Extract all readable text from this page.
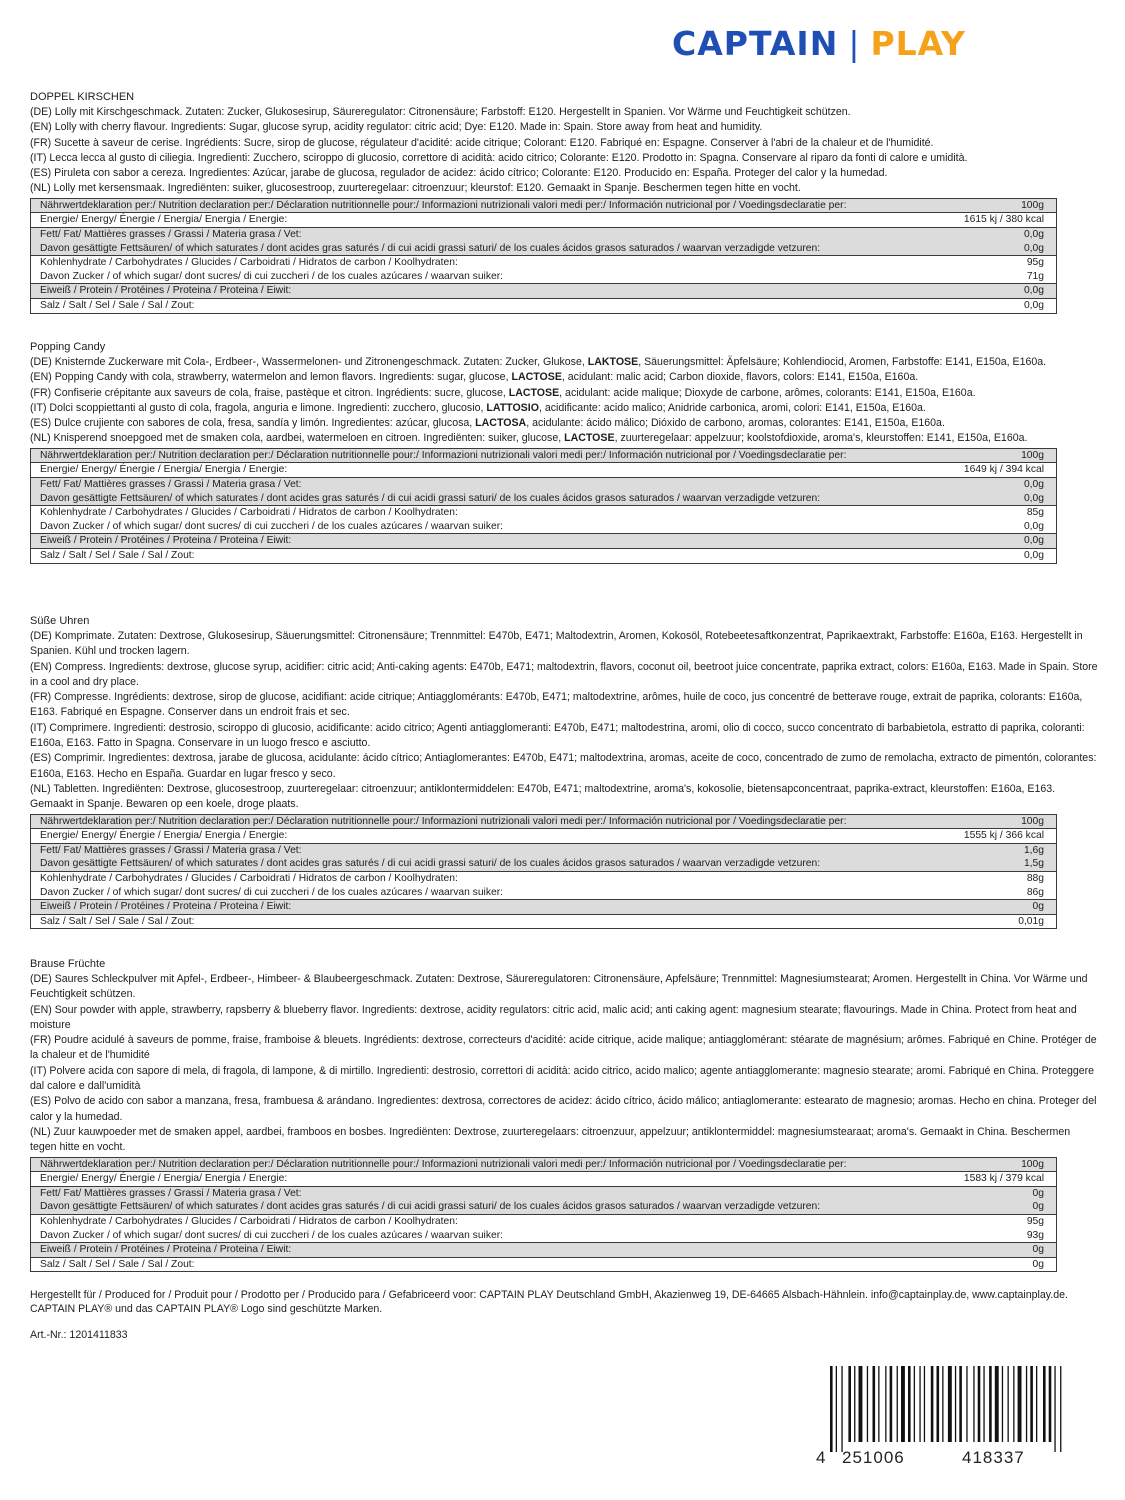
CAPTAIN | PLAY
DOPPEL KIRSCHEN
(DE) Lolly mit Kirschgeschmack. Zutaten: Zucker, Glukosesirup, Säureregulator: Citronensäure; Farbstoff: E120. Hergestellt in Spanien. Vor Wärme und Feuchtigkeit schützen.
(EN) Lolly with cherry flavour. Ingredients: Sugar, glucose syrup, acidity regulator: citric acid; Dye: E120. Made in: Spain. Store away from heat and humidity.
(FR) Sucette à saveur de cerise. Ingrédients: Sucre, sirop de glucose, régulateur d'acidité: acide citrique; Colorant: E120. Fabriqué en: Espagne. Conserver à l'abri de la chaleur et de l'humidité.
(IT) Lecca lecca al gusto di ciliegia. Ingredienti: Zucchero, sciroppo di glucosio, correttore di acidità: acido citrico; Colorante: E120. Prodotto in: Spagna. Conservare al riparo da fonti di calore e umidità.
(ES) Piruleta con sabor a cereza. Ingredientes: Azúcar, jarabe de glucosa, regulador de acidez: ácido cítrico; Colorante: E120. Producido en: España. Proteger del calor y la humedad.
(NL) Lolly met kersensmaak. Ingrediënten: suiker, glucosestroop, zuurteregelaar: citroenzuur; kleurstof: E120. Gemaakt in Spanje. Beschermen tegen hitte en vocht.
Nährwertdeklaration per:/ Nutrition declaration per:/ Déclaration nutritionnelle pour:/ Informazioni nutrizionali valori medi per:/ Información nutricional por / Voedingsdeclaratie per:	100g
Energie/ Energy/ Énergie / Energia/ Energia / Energie:	1615 kj / 380 kcal
Fett/ Fat/ Mattières grasses / Grassi / Materia grasa / Vet:	0,0g
Davon gesättigte Fettsäuren/ of which saturates / dont acides gras saturés / di cui acidi grassi saturi/ de los cuales ácidos grasos saturados / waarvan verzadigde vetzuren:	0,0g
Kohlenhydrate / Carbohydrates / Glucides / Carboidrati / Hidratos de carbon / Koolhydraten:	95g
Davon Zucker / of which sugar/ dont sucres/ di cui zuccheri / de los cuales azúcares / waarvan suiker:	71g
Eiweiß / Protein / Protéines / Proteina / Proteina / Eiwit:	0,0g
Salz / Salt / Sel / Sale / Sal / Zout:	0,0g
Popping Candy
(DE) Knisternde Zuckerware mit Cola-, Erdbeer-, Wassermelonen- und Zitronengeschmack. Zutaten: Zucker, Glukose, LAKTOSE, Säuerungsmittel: Äpfelsäure; Kohlendiocid, Aromen, Farbstoffe: E141, E150a, E160a.
(EN) Popping Candy with cola, strawberry, watermelon and lemon flavors. Ingredients: sugar, glucose, LACTOSE, acidulant: malic acid; Carbon dioxide, flavors, colors: E141, E150a, E160a.
(FR) Confiserie crépitante aux saveurs de cola, fraise, pastèque et citron. Ingrédients: sucre, glucose, LACTOSE, acidulant: acide malique; Dioxyde de carbone, arômes, colorants: E141, E150a, E160a.
(IT) Dolci scoppiettanti al gusto di cola, fragola, anguria e limone. Ingredienti: zucchero, glucosio, LATTOSIO, acidificante: acido malico; Anidride carbonica, aromi, colori: E141, E150a, E160a.
(ES) Dulce crujiente con sabores de cola, fresa, sandía y limón. Ingredientes: azúcar, glucosa, LACTOSA, acidulante: ácido málico; Dióxido de carbono, aromas, colorantes: E141, E150a, E160a.
(NL) Knisperend snoepgoed met de smaken cola, aardbei, watermeloen en citroen. Ingrediënten: suiker, glucose, LACTOSE, zuurteregelaar: appelzuur; koolstofdioxide, aroma's, kleurstoffen: E141, E150a, E160a.
Nährwertdeklaration per:/ Nutrition declaration per:/ Déclaration nutritionnelle pour:/ Informazioni nutrizionali valori medi per:/ Información nutricional por / Voedingsdeclaratie per:	100g
Energie/ Energy/ Énergie / Energia/ Energia / Energie:	1649 kj / 394 kcal
Fett/ Fat/ Mattières grasses / Grassi / Materia grasa / Vet:	0,0g
Davon gesättigte Fettsäuren/ of which saturates / dont acides gras saturés / di cui acidi grassi saturi/ de los cuales ácidos grasos saturados / waarvan verzadigde vetzuren:	0,0g
Kohlenhydrate / Carbohydrates / Glucides / Carboidrati / Hidratos de carbon / Koolhydraten:	85g
Davon Zucker / of which sugar/ dont sucres/ di cui zuccheri / de los cuales azúcares / waarvan suiker:	0,0g
Eiweiß / Protein / Protéines / Proteina / Proteina / Eiwit:	0,0g
Salz / Salt / Sel / Sale / Sal / Zout:	0,0g
Süße Uhren
(DE) Komprimate. Zutaten: Dextrose, Glukosesirup, Säuerungsmittel: Citronensäure; Trennmittel: E470b, E471; Maltodextrin, Aromen, Kokosöl, Rotebeetesaftkonzentrat, Paprikaextrakt, Farbstoffe: E160a, E163. Hergestellt in Spanien. Kühl und trocken lagern.
(EN) Compress. Ingredients: dextrose, glucose syrup, acidifier: citric acid; Anti-caking agents: E470b, E471; maltodextrin, flavors, coconut oil, beetroot juice concentrate, paprika extract, colors: E160a, E163. Made in Spain. Store in a cool and dry place.
(FR) Compresse. Ingrédients: dextrose, sirop de glucose, acidifiant: acide citrique; Antiagglomérants: E470b, E471; maltodextrine, arômes, huile de coco, jus concentré de betterave rouge, extrait de paprika, colorants: E160a, E163. Fabriqué en Espagne. Conserver dans un endroit frais et sec.
(IT) Comprimere. Ingredienti: destrosio, sciroppo di glucosio, acidificante: acido citrico; Agenti antiagglomeranti: E470b, E471; maltodestrina, aromi, olio di cocco, succo concentrato di barbabietola, estratto di paprika, coloranti: E160a, E163. Fatto in Spagna. Conservare in un luogo fresco e asciutto.
(ES) Comprimir. Ingredientes: dextrosa, jarabe de glucosa, acidulante: ácido cítrico; Antiaglomerantes: E470b, E471; maltodextrina, aromas, aceite de coco, concentrado de zumo de remolacha, extracto de pimentón, colorantes: E160a, E163. Hecho en España. Guardar en lugar fresco y seco.
(NL) Tabletten. Ingrediënten: Dextrose, glucosestroop, zuurteregelaar: citroenzuur; antiklontermiddelen: E470b, E471; maltodextrine, aroma's, kokosolie, bietensapconcentraat, paprika-extract, kleurstoffen: E160a, E163. Gemaakt in Spanje. Bewaren op een koele, droge plaats.
Nährwertdeklaration per:/ Nutrition declaration per:/ Déclaration nutritionnelle pour:/ Informazioni nutrizionali valori medi per:/ Información nutricional por / Voedingsdeclaratie per:	100g
Energie/ Energy/ Énergie / Energia/ Energia / Energie:	1555 kj / 366 kcal
Fett/ Fat/ Mattières grasses / Grassi / Materia grasa / Vet:	1,6g
Davon gesättigte Fettsäuren/ of which saturates / dont acides gras saturés / di cui acidi grassi saturi/ de los cuales ácidos grasos saturados / waarvan verzadigde vetzuren:	1,5g
Kohlenhydrate / Carbohydrates / Glucides / Carboidrati / Hidratos de carbon / Koolhydraten:	88g
Davon Zucker / of which sugar/ dont sucres/ di cui zuccheri / de los cuales azúcares / waarvan suiker:	86g
Eiweiß / Protein / Protéines / Proteina / Proteina / Eiwit:	0g
Salz / Salt / Sel / Sale / Sal / Zout:	0,01g
Brause Früchte
(DE) Saures Schleckpulver mit Apfel-, Erdbeer-, Himbeer- & Blaubeergeschmack. Zutaten: Dextrose, Säureregulatoren: Citronensäure, Apfelsäure; Trennmittel: Magnesiumstearat; Aromen. Hergestellt in China. Vor Wärme und Feuchtigkeit schützen.
(EN) Sour powder with apple, strawberry, rapsberry & blueberry flavor. Ingredients: dextrose, acidity regulators: citric acid, malic acid; anti caking agent: magnesium stearate; flavourings. Made in China. Protect from heat and moisture
(FR) Poudre acidulé à saveurs de pomme, fraise, framboise & bleuets. Ingrédients: dextrose, correcteurs d'acidité: acide citrique, acide malique; antiagglomérant: stéarate de magnésium; arômes. Fabriqué en Chine. Protéger de la chaleur et de l'humidité
(IT) Polvere acida con sapore di mela, di fragola, di lampone, & di mirtillo. Ingredienti: destrosio, correttori di acidità: acido citrico, acido malico; agente antiagglomerante: magnesio stearate; aromi. Fabriqué en China. Proteggere dal calore e dall'umidità
(ES) Polvo de acido con sabor a manzana, fresa, frambuesa & arándano. Ingredientes: dextrosa, correctores de acidez: ácido cítrico, ácido málico; antiaglomerante: estearato de magnesio; aromas. Hecho en china. Proteger del calor y la humedad.
(NL) Zuur kauwpoeder met de smaken appel, aardbei, framboos en bosbes. Ingrediënten: Dextrose, zuurteregelaars: citroenzuur, appelzuur; antiklontermiddel: magnesiumstearaat; aroma's. Gemaakt in China. Beschermen tegen hitte en vocht.
Nährwertdeklaration per:/ Nutrition declaration per:/ Déclaration nutritionnelle pour:/ Informazioni nutrizionali valori medi per:/ Información nutricional por / Voedingsdeclaratie per:	100g
Energie/ Energy/ Énergie / Energia/ Energia / Energie:	1583 kj / 379 kcal
Fett/ Fat/ Mattières grasses / Grassi / Materia grasa / Vet:	0g
Davon gesättigte Fettsäuren/ of which saturates / dont acides gras saturés / di cui acidi grassi saturi/ de los cuales ácidos grasos saturados / waarvan verzadigde vetzuren:	0g
Kohlenhydrate / Carbohydrates / Glucides / Carboidrati / Hidratos de carbon / Koolhydraten:	95g
Davon Zucker / of which sugar/ dont sucres/ di cui zuccheri / de los cuales azúcares / waarvan suiker:	93g
Eiweiß / Protein / Protéines / Proteina / Proteina / Eiwit:	0g
Salz / Salt / Sel / Sale / Sal / Zout:	0g
Hergestellt für / Produced for / Produit pour / Prodotto per / Producido para / Gefabriceerd voor: CAPTAIN PLAY Deutschland GmbH, Akazienweg 19, DE-64665 Alsbach-Hähnlein. info@captainplay.de, www.captainplay.de. CAPTAIN PLAY® und das CAPTAIN PLAY® Logo sind geschützte Marken.
Art.-Nr.: 1201411833
4 251006	418337
